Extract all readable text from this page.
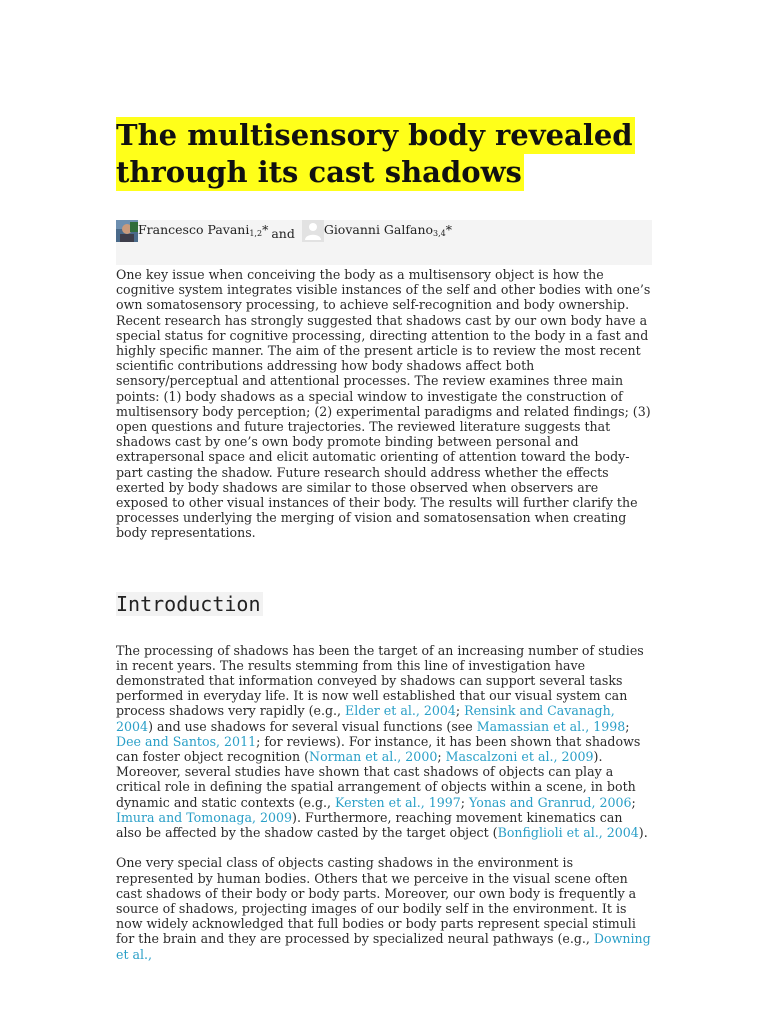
The multisensory body revealed
through its cast shadows
Francesco Pavani$_{1,2}$* and Giovanni Galfano$_{3,4}$*

One key issue when conceiving the body as a multisensory object is how the cognitive system integrates visible instances of the self and other bodies with one’s own somatosensory processing, to achieve self-recognition and body ownership. Recent research has strongly suggested that shadows cast by our own body have a special status for cognitive processing, directing attention to the body in a fast and highly specific manner. The aim of the present article is to review the most recent scientific contributions addressing how body shadows affect both sensory/perceptual and attentional processes. The review examines three main points: (1) body shadows as a special window to investigate the construction of multisensory body perception; (2) experimental paradigms and related findings; (3) open questions and future trajectories. The reviewed literature suggests that shadows cast by one’s own body promote binding between personal and extrapersonal space and elicit automatic orienting of attention toward the body-part casting the shadow. Future research should address whether the effects exerted by body shadows are similar to those observed when observers are exposed to other visual instances of their body. The results will further clarify the processes underlying the merging of vision and somatosensation when creating body representations.

Introduction

The processing of shadows has been the target of an increasing number of studies in recent years. The results stemming from this line of investigation have demonstrated that information conveyed by shadows can support several tasks performed in everyday life. It is now well established that our visual system can process shadows very rapidly (e.g., Elder et al., 2004; Rensink and Cavanagh, 2004) and use shadows for several visual functions (see Mamassian et al., 1998; Dee and Santos, 2011; for reviews). For instance, it has been shown that shadows can foster object recognition (Norman et al., 2000; Mascalzoni et al., 2009). Moreover, several studies have shown that cast shadows of objects can play a critical role in defining the spatial arrangement of objects within a scene, in both dynamic and static contexts (e.g., Kersten et al., 1997; Yonas and Granrud, 2006; Imura and Tomonaga, 2009). Furthermore, reaching movement kinematics can also be affected by the shadow casted by the target object (Bonfiglioli et al., 2004).

One very special class of objects casting shadows in the environment is represented by human bodies. Others that we perceive in the visual scene often cast shadows of their body or body parts. Moreover, our own body is frequently a source of shadows, projecting images of our bodily self in the environment. It is now widely acknowledged that full bodies or body parts represent special stimuli for the brain and they are processed by specialized neural pathways (e.g., Downing et al.,
